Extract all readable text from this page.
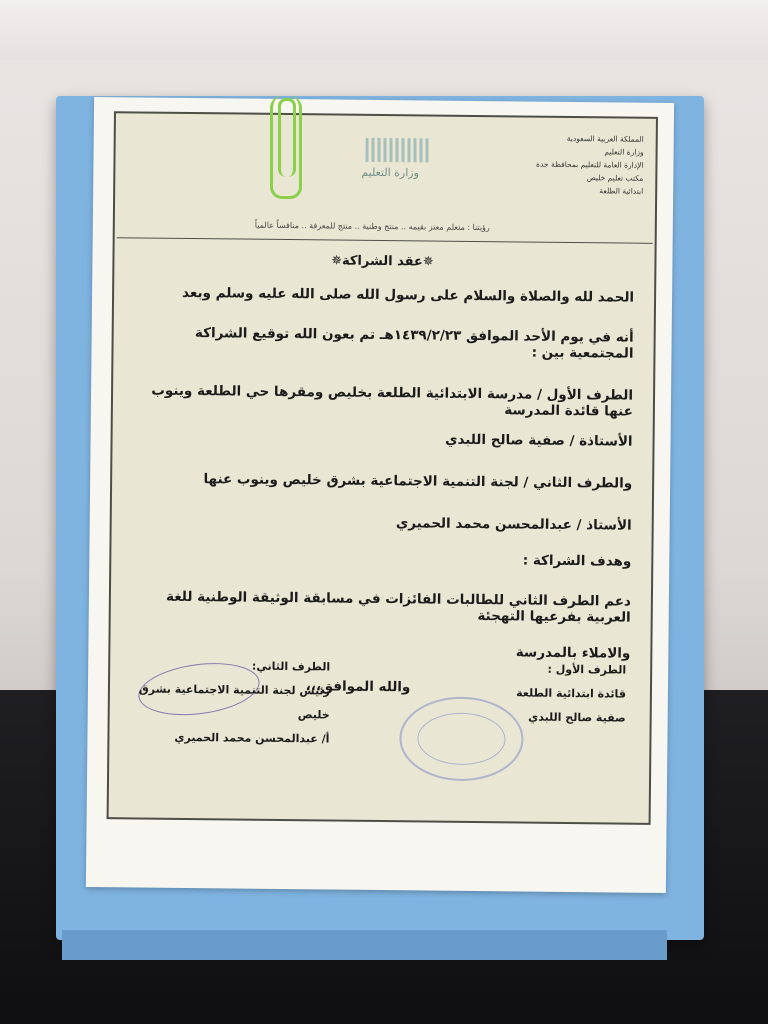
وزارة التعليم
المملكة العربية السعودية
وزارة التعليم
الإدارة العامة للتعليم بمحافظة جدة
مكتب تعليم خليص
ابتدائية الطلعة
رؤيتنا : متعلم معتز بقيمه .. منتج وطنية .. منتج للمعرفة .. منافساً عالمياً

✵عقد الشراكة✵

الحمد لله والصلاة والسلام على رسول الله صلى الله عليه وسلم وبعد

أنه في يوم الأحد الموافق ١٤٣٩/٢/٢٣هـ تم بعون الله توقيع الشراكة المجتمعية بين :

الطرف الأول / مدرسة الابتدائية الطلعة بخليص ومقرها حي الطلعة وينوب عنها قائدة المدرسة

الأستاذة / صفية صالح اللبدي

والطرف الثاني / لجنة التنمية الاجتماعية بشرق خليص وينوب عنها

الأستاذ / عبدالمحسن محمد الحميري

وهدف الشراكة :

دعم الطرف الثاني للطالبات الفائزات في مسابقة الوثيقة الوطنية للغة العربية بفرعيها التهجئة

والاملاء بالمدرسة

والله الموافق،،،

الطرف الثاني:
رئيس لجنة التنمية الاجتماعية بشرق خليص
أ/ عبدالمحسن محمد الحميري
الطرف الأول :
قائدة ابتدائية الطلعة
صفية صالح اللبدي
